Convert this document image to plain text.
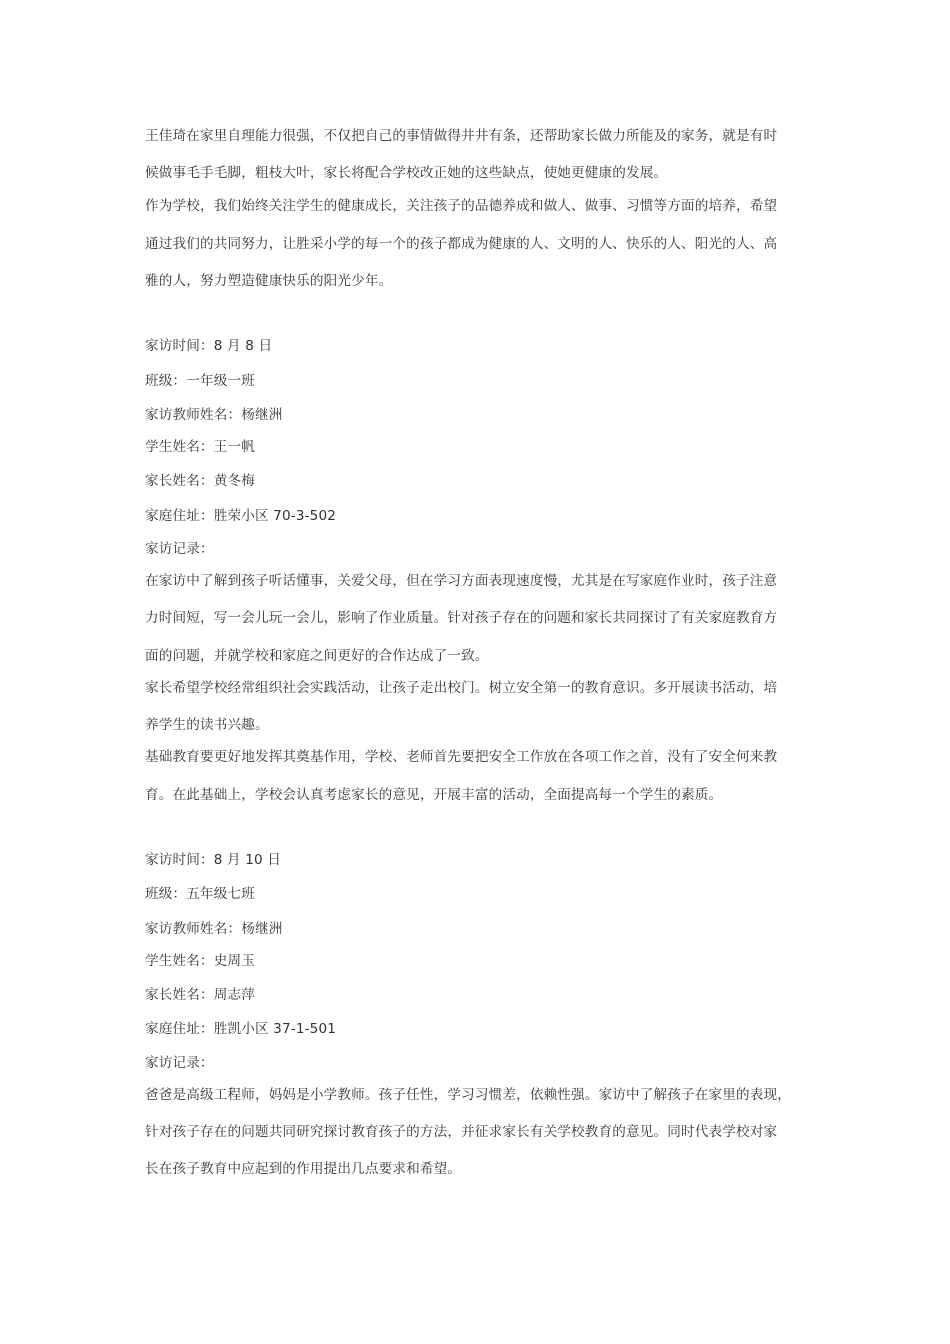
王佳琦在家里自理能力很强，不仅把自己的事情做得井井有条，还帮助家长做力所能及的家务，就是有时
候做事毛手毛脚，粗枝大叶，家长将配合学校改正她的这些缺点，使她更健康的发展。
作为学校，我们始终关注学生的健康成长，关注孩子的品德养成和做人、做事、习惯等方面的培养，希望
通过我们的共同努力，让胜采小学的每一个的孩子都成为健康的人、文明的人、快乐的人、阳光的人、高
雅的人，努力塑造健康快乐的阳光少年。
家访时间：8 月 8 日
班级：一年级一班
家访教师姓名：杨继洲
学生姓名：王一帆
家长姓名：黄冬梅
家庭住址：胜荣小区 70-3-502
家访记录：
在家访中了解到孩子听话懂事，关爱父母，但在学习方面表现速度慢，尤其是在写家庭作业时，孩子注意
力时间短，写一会儿玩一会儿，影响了作业质量。针对孩子存在的问题和家长共同探讨了有关家庭教育方
面的问题，并就学校和家庭之间更好的合作达成了一致。
家长希望学校经常组织社会实践活动，让孩子走出校门。树立安全第一的教育意识。多开展读书活动，培
养学生的读书兴趣。
基础教育要更好地发挥其奠基作用，学校、老师首先要把安全工作放在各项工作之首，没有了安全何来教
育。在此基础上，学校会认真考虑家长的意见，开展丰富的活动，全面提高每一个学生的素质。
家访时间：8 月 10 日
班级：五年级七班
家访教师姓名：杨继洲
学生姓名：史周玉
家长姓名：周志萍
家庭住址：胜凯小区 37-1-501
家访记录：
爸爸是高级工程师，妈妈是小学教师。孩子任性，学习习惯差，依赖性强。家访中了解孩子在家里的表现，
针对孩子存在的问题共同研究探讨教育孩子的方法，并征求家长有关学校教育的意见。同时代表学校对家
长在孩子教育中应起到的作用提出几点要求和希望。
